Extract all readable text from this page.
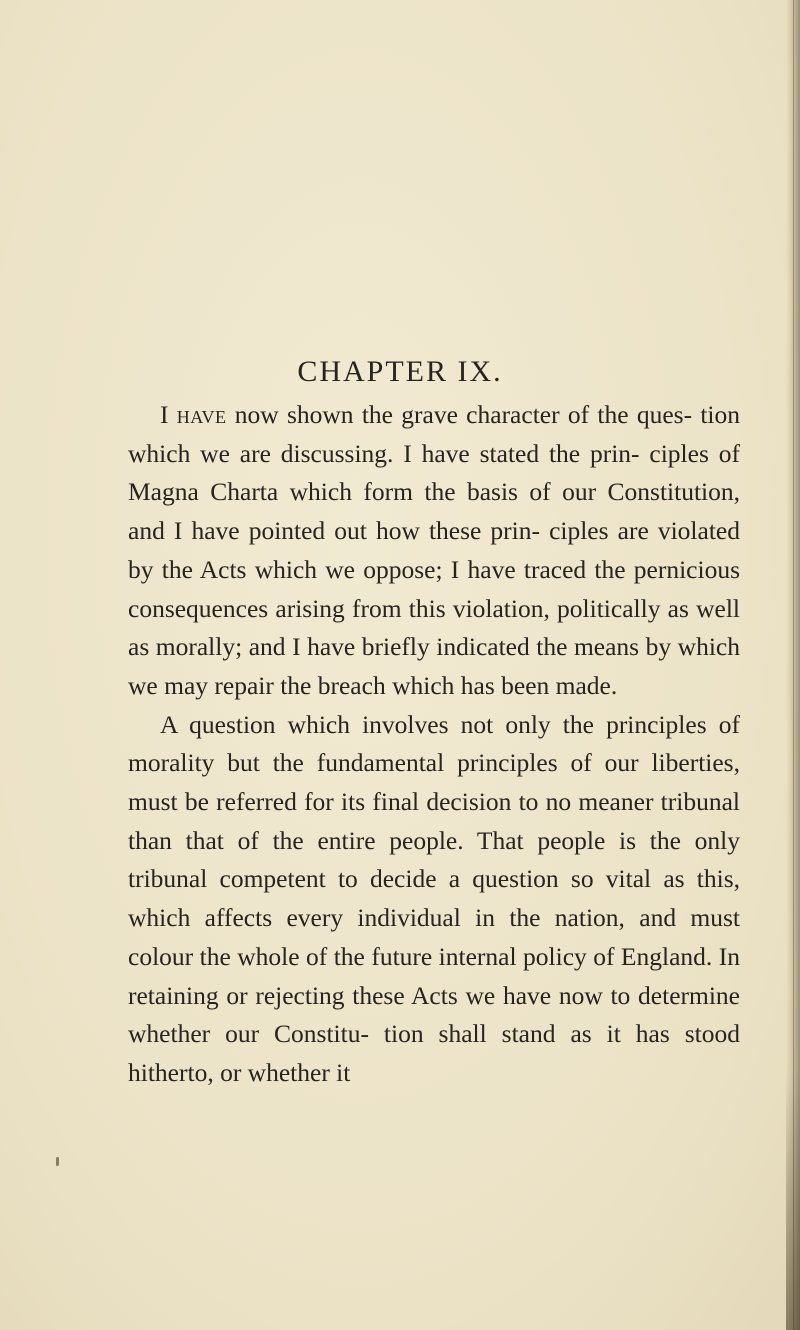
CHAPTER IX.

I have now shown the grave character of the ques- tion which we are discussing. I have stated the prin- ciples of Magna Charta which form the basis of our Constitution, and I have pointed out how these prin- ciples are violated by the Acts which we oppose; I have traced the pernicious consequences arising from this violation, politically as well as morally; and I have briefly indicated the means by which we may repair the breach which has been made.

A question which involves not only the principles of morality but the fundamental principles of our liberties, must be referred for its final decision to no meaner tribunal than that of the entire people. That people is the only tribunal competent to decide a question so vital as this, which affects every individual in the nation, and must colour the whole of the future internal policy of England. In retaining or rejecting these Acts we have now to determine whether our Constitu- tion shall stand as it has stood hitherto, or whether it
